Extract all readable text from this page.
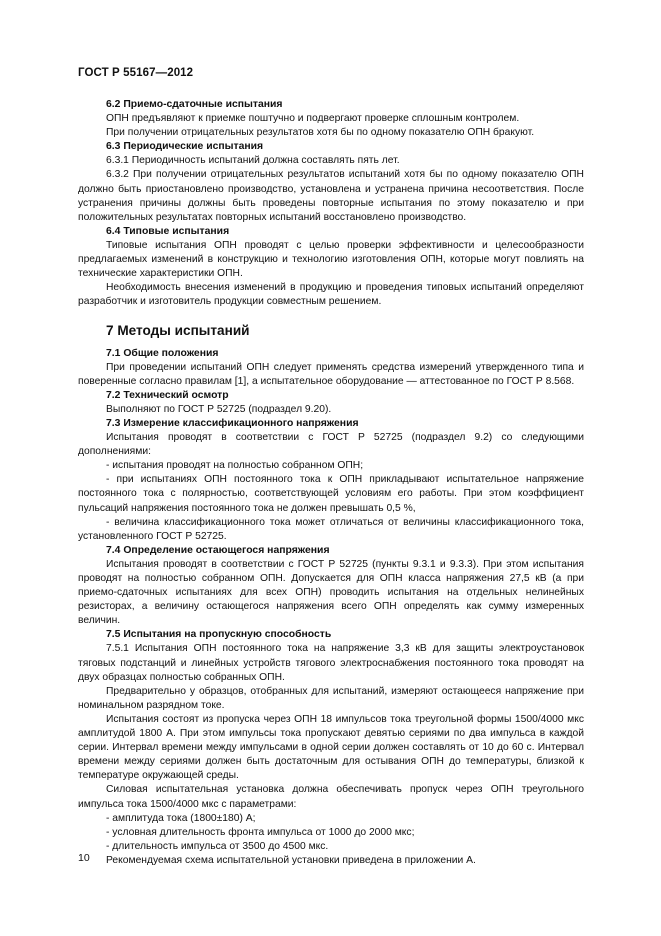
ГОСТ Р 55167—2012
6.2 Приемо-сдаточные испытания

ОПН предъявляют к приемке поштучно и подвергают проверке сплошным контролем.

При получении отрицательных результатов хотя бы по одному показателю ОПН бракуют.

6.3 Периодические испытания

6.3.1 Периодичность испытаний должна составлять пять лет.

6.3.2 При получении отрицательных результатов испытаний хотя бы по одному показателю ОПН должно быть приостановлено производство, установлена и устранена причина несоответствия. После устранения причины должны быть проведены повторные испытания по этому показателю и при положительных результатах повторных испытаний восстановлено производство.

6.4 Типовые испытания

Типовые испытания ОПН проводят с целью проверки эффективности и целесообразности предлагаемых изменений в конструкцию и технологию изготовления ОПН, которые могут повлиять на технические характеристики ОПН.

Необходимость внесения изменений в продукцию и проведения типовых испытаний определяют разработчик и изготовитель продукции совместным решением.

7 Методы испытаний
7.1 Общие положения

При проведении испытаний ОПН следует применять средства измерений утвержденного типа и поверенные согласно правилам [1], а испытательное оборудование — аттестованное по ГОСТ Р 8.568.

7.2 Технический осмотр

Выполняют по ГОСТ Р 52725 (подраздел 9.20).

7.3 Измерение классификационного напряжения

Испытания проводят в соответствии с ГОСТ Р 52725 (подраздел 9.2) со следующими дополнениями:

- испытания проводят на полностью собранном ОПН;

- при испытаниях ОПН постоянного тока к ОПН прикладывают испытательное напряжение постоянного тока с полярностью, соответствующей условиям его работы. При этом коэффициент пульсаций напряжения постоянного тока не должен превышать 0,5 %,

- величина классификационного тока может отличаться от величины классификационного тока, установленного ГОСТ Р 52725.

7.4 Определение остающегося напряжения

Испытания проводят в соответствии с ГОСТ Р 52725 (пункты 9.3.1 и 9.3.3). При этом испытания проводят на полностью собранном ОПН. Допускается для ОПН класса напряжения 27,5 кВ (а при приемо-сдаточных испытаниях для всех ОПН) проводить испытания на отдельных нелинейных резисторах, а величину остающегося напряжения всего ОПН определять как сумму измеренных величин.

7.5 Испытания на пропускную способность

7.5.1 Испытания ОПН постоянного тока на напряжение 3,3 кВ для защиты электроустановок тяговых подстанций и линейных устройств тягового электроснабжения постоянного тока проводят на двух образцах полностью собранных ОПН.

Предварительно у образцов, отобранных для испытаний, измеряют остающееся напряжение при номинальном разрядном токе.

Испытания состоят из пропуска через ОПН 18 импульсов тока треугольной формы 1500/4000 мкс амплитудой 1800 А. При этом импульсы тока пропускают девятью сериями по два импульса в каждой серии. Интервал времени между импульсами в одной серии должен составлять от 10 до 60 с. Интервал времени между сериями должен быть достаточным для остывания ОПН до температуры, близкой к температуре окружающей среды.

Силовая испытательная установка должна обеспечивать пропуск через ОПН треугольного импульса тока 1500/4000 мкс с параметрами:

- амплитуда тока (1800±180) А;

- условная длительность фронта импульса от 1000 до 2000 мкс;

- длительность импульса от 3500 до 4500 мкс.

Рекомендуемая схема испытательной установки приведена в приложении А.

10
